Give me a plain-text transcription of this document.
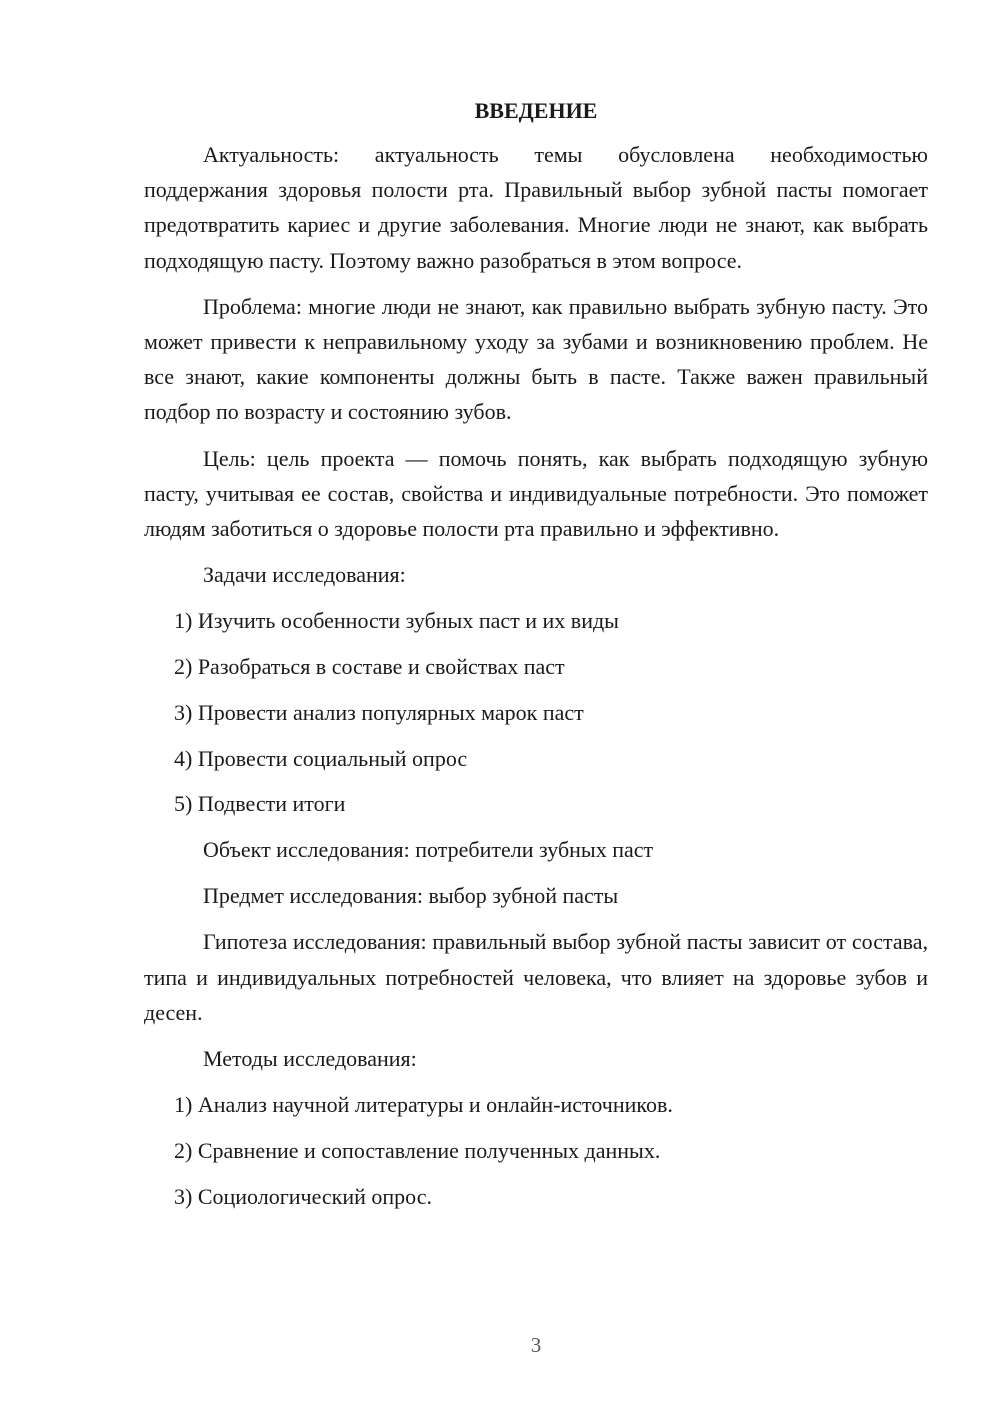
ВВЕДЕНИЕ

Актуальность: актуальность темы обусловлена необходимостью поддержания здоровья полости рта. Правильный выбор зубной пасты помогает предотвратить кариес и другие заболевания. Многие люди не знают, как выбрать подходящую пасту. Поэтому важно разобраться в этом вопросе.

Проблема: многие люди не знают, как правильно выбрать зубную пасту. Это может привести к неправильному уходу за зубами и возникновению проблем. Не все знают, какие компоненты должны быть в пасте. Также важен правильный подбор по возрасту и состоянию зубов.

Цель: цель проекта — помочь понять, как выбрать подходящую зубную пасту, учитывая ее состав, свойства и индивидуальные потребности. Это поможет людям заботиться о здоровье полости рта правильно и эффективно.

Задачи исследования:
1) Изучить особенности зубных паст и их виды
2) Разобраться в составе и свойствах паст
3) Провести анализ популярных марок паст
4) Провести социальный опрос
5) Подвести итоги
Объект исследования: потребители зубных паст
Предмет исследования: выбор зубной пасты

Гипотеза исследования: правильный выбор зубной пасты зависит от состава, типа и индивидуальных потребностей человека, что влияет на здоровье зубов и десен.

Методы исследования:
1) Анализ научной литературы и онлайн-источников.
2) Сравнение и сопоставление полученных данных.
3) Социологический опрос.
3
